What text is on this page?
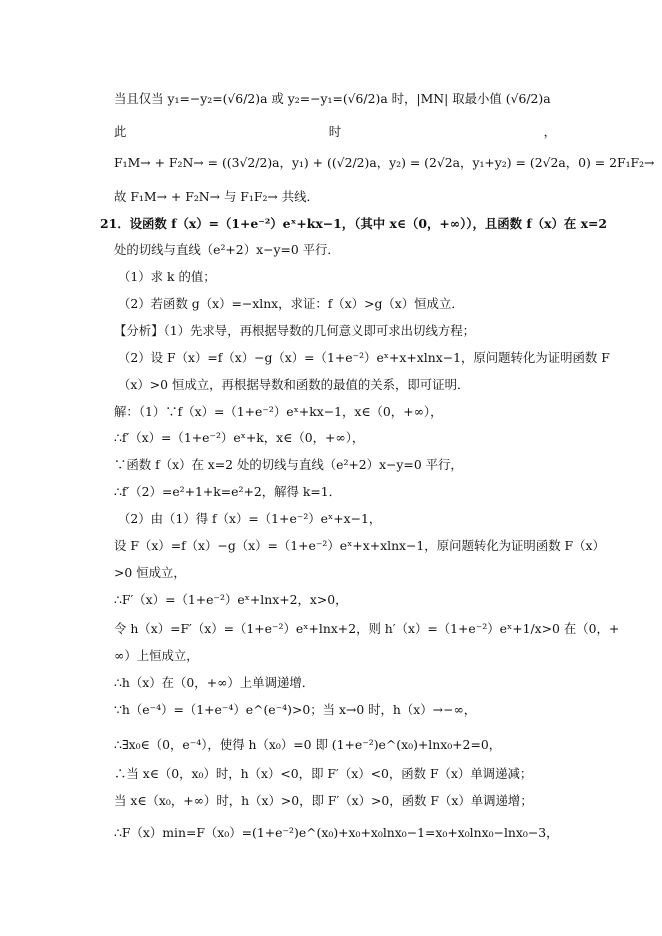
当且仅当 y₁=−y₂=(√6/2)a 或 y₂=−y₁=(√6/2)a 时，|MN| 取最小值 (√6/2)a
此	时	，
F₁M→ + F₂N→ = ((3√2/2)a，y₁) + ((√2/2)a，y₂) = (2√2a，y₁+y₂) = (2√2a，0) = 2F₁F₂→
故 F₁M→ + F₂N→ 与 F₁F₂→ 共线．
21．设函数 f（x）=（1+e⁻²）eˣ+kx−1，（其中 x∈（0，+∞）），且函数 f（x）在 x=2
处的切线与直线（e²+2）x−y=0 平行．
（1）求 k 的值；
（2）若函数 g（x）=−xlnx，求证：f（x）>g（x）恒成立．
【分析】（1）先求导，再根据导数的几何意义即可求出切线方程；
（2）设 F（x）=f（x）−g（x）=（1+e⁻²）eˣ+x+xlnx−1，原问题转化为证明函数 F
（x）>0 恒成立，再根据导数和函数的最值的关系，即可证明．
解：（1）∵f（x）=（1+e⁻²）eˣ+kx−1，x∈（0，+∞），
∴f′（x）=（1+e⁻²）eˣ+k，x∈（0，+∞），
∵函数 f（x）在 x=2 处的切线与直线（e²+2）x−y=0 平行，
∴f′（2）=e²+1+k=e²+2，解得 k=1．
（2）由（1）得 f（x）=（1+e⁻²）eˣ+x−1，
设 F（x）=f（x）−g（x）=（1+e⁻²）eˣ+x+xlnx−1，原问题转化为证明函数 F（x）
>0 恒成立，
∴F′（x）=（1+e⁻²）eˣ+lnx+2，x>0，
令 h（x）=F′（x）=（1+e⁻²）eˣ+lnx+2，则 h′（x）=（1+e⁻²）eˣ+1/x>0 在（0，+
∞）上恒成立，
∴h（x）在（0，+∞）上单调递增．
∵h（e⁻⁴）=（1+e⁻⁴）e^(e⁻⁴)>0；当 x→0 时，h（x）→−∞，
∴∃x₀∈（0，e⁻⁴），使得 h（x₀）=0 即 (1+e⁻²)e^(x₀)+lnx₀+2=0，
∴当 x∈（0，x₀）时，h（x）<0，即 F′（x）<0，函数 F（x）单调递减；
当 x∈（x₀，+∞）时，h（x）>0，即 F′（x）>0，函数 F（x）单调递增；
∴F（x）min=F（x₀）=(1+e⁻²)e^(x₀)+x₀+x₀lnx₀−1=x₀+x₀lnx₀−lnx₀−3，
